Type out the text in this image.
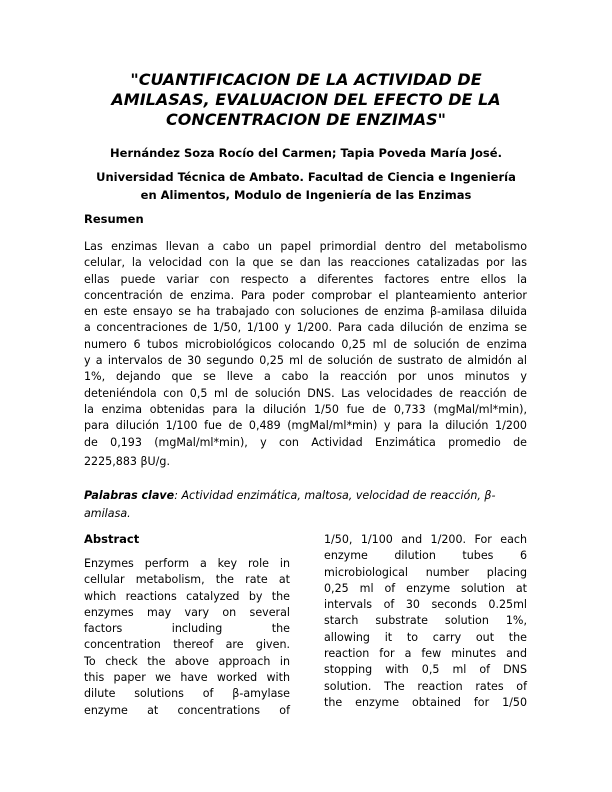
"CUANTIFICACION DE LA ACTIVIDAD DE
AMILASAS, EVALUACION DEL EFECTO DE LA
CONCENTRACION DE ENZIMAS"
Hernández Soza Rocío del Carmen; Tapia Poveda María José.
Universidad Técnica de Ambato. Facultad de Ciencia e Ingeniería
en Alimentos, Modulo de Ingeniería de las Enzimas
Resumen
Las enzimas llevan a cabo un papel primordial dentro del metabolismo
celular, la velocidad con la que se dan las reacciones catalizadas por las
ellas puede variar con respecto a diferentes factores entre ellos la
concentración de enzima. Para poder comprobar el planteamiento anterior
en este ensayo se ha trabajado con soluciones de enzima β-amilasa diluida
a concentraciones de 1/50, 1/100 y 1/200. Para cada dilución de enzima se
numero 6 tubos microbiológicos colocando 0,25 ml de solución de enzima
y a intervalos de 30 segundo 0,25 ml de solución de sustrato de almidón al
1%, dejando que se lleve a cabo la reacción por unos minutos y
deteniéndola con 0,5 ml de solución DNS. Las velocidades de reacción de
la enzima obtenidas para la dilución 1/50 fue de 0,733 (mgMal/ml*min),
para dilución 1/100 fue de 0,489 (mgMal/ml*min) y para la dilución 1/200
de 0,193 (mgMal/ml*min), y con Actividad Enzimática promedio de
2225,883 βU/g.
Palabras clave: Actividad enzimática, maltosa, velocidad de reacción, β-amilasa.
Abstract
Enzymes perform a key role in
cellular metabolism, the rate at
which reactions catalyzed by the
enzymes may vary on several
factors including the
concentration thereof are given.
To check the above approach in
this paper we have worked with
dilute solutions of β-amylase
enzyme at concentrations of
1/50, 1/100 and 1/200. For each
enzyme dilution tubes 6
microbiological number placing
0,25 ml of enzyme solution at
intervals of 30 seconds 0.25ml
starch substrate solution 1%,
allowing it to carry out the
reaction for a few minutes and
stopping with 0,5 ml of DNS
solution. The reaction rates of
the enzyme obtained for 1/50
